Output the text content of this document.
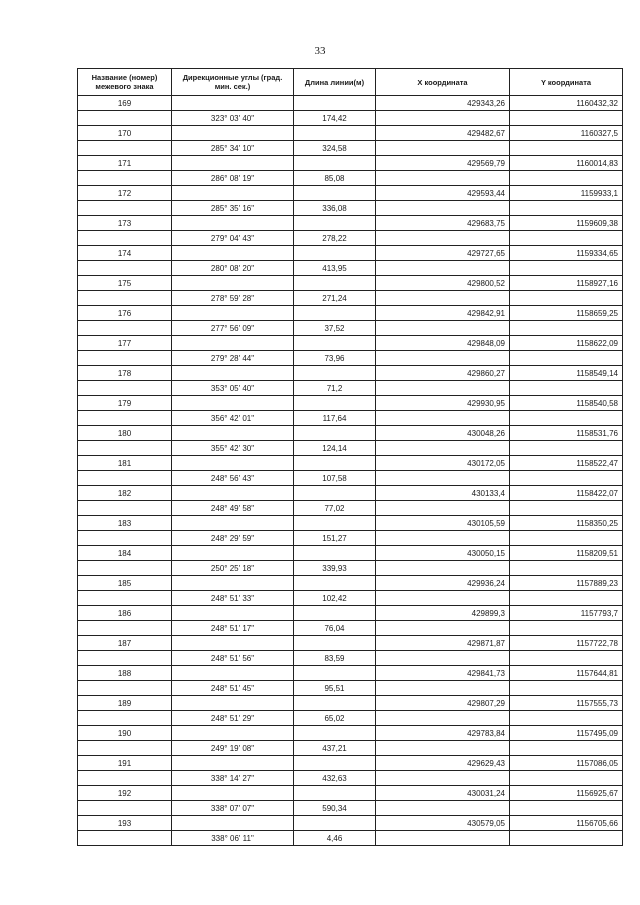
33
Название (номер) межевого знака	Дирекционные углы (град. мин. сек.)	Длина линии(м)	X координата	Y координата
169			429343,26	1160432,32
	323° 03' 40"	174,42		
170			429482,67	1160327,5
	285° 34' 10"	324,58		
171			429569,79	1160014,83
	286° 08' 19"	85,08		
172			429593,44	1159933,1
	285° 35' 16"	336,08		
173			429683,75	1159609,38
	279° 04' 43"	278,22		
174			429727,65	1159334,65
	280° 08' 20"	413,95		
175			429800,52	1158927,16
	278° 59' 28"	271,24		
176			429842,91	1158659,25
	277° 56' 09"	37,52		
177			429848,09	1158622,09
	279° 28' 44"	73,96		
178			429860,27	1158549,14
	353° 05' 40"	71,2		
179			429930,95	1158540,58
	356° 42' 01"	117,64		
180			430048,26	1158531,76
	355° 42' 30"	124,14		
181			430172,05	1158522,47
	248° 56' 43"	107,58		
182			430133,4	1158422,07
	248° 49' 58"	77,02		
183			430105,59	1158350,25
	248° 29' 59"	151,27		
184			430050,15	1158209,51
	250° 25' 18"	339,93		
185			429936,24	1157889,23
	248° 51' 33"	102,42		
186			429899,3	1157793,7
	248° 51' 17"	76,04		
187			429871,87	1157722,78
	248° 51' 56"	83,59		
188			429841,73	1157644,81
	248° 51' 45"	95,51		
189			429807,29	1157555,73
	248° 51' 29"	65,02		
190			429783,84	1157495,09
	249° 19' 08"	437,21		
191			429629,43	1157086,05
	338° 14' 27"	432,63		
192			430031,24	1156925,67
	338° 07' 07"	590,34		
193			430579,05	1156705,66
	338° 06' 11"	4,46		
